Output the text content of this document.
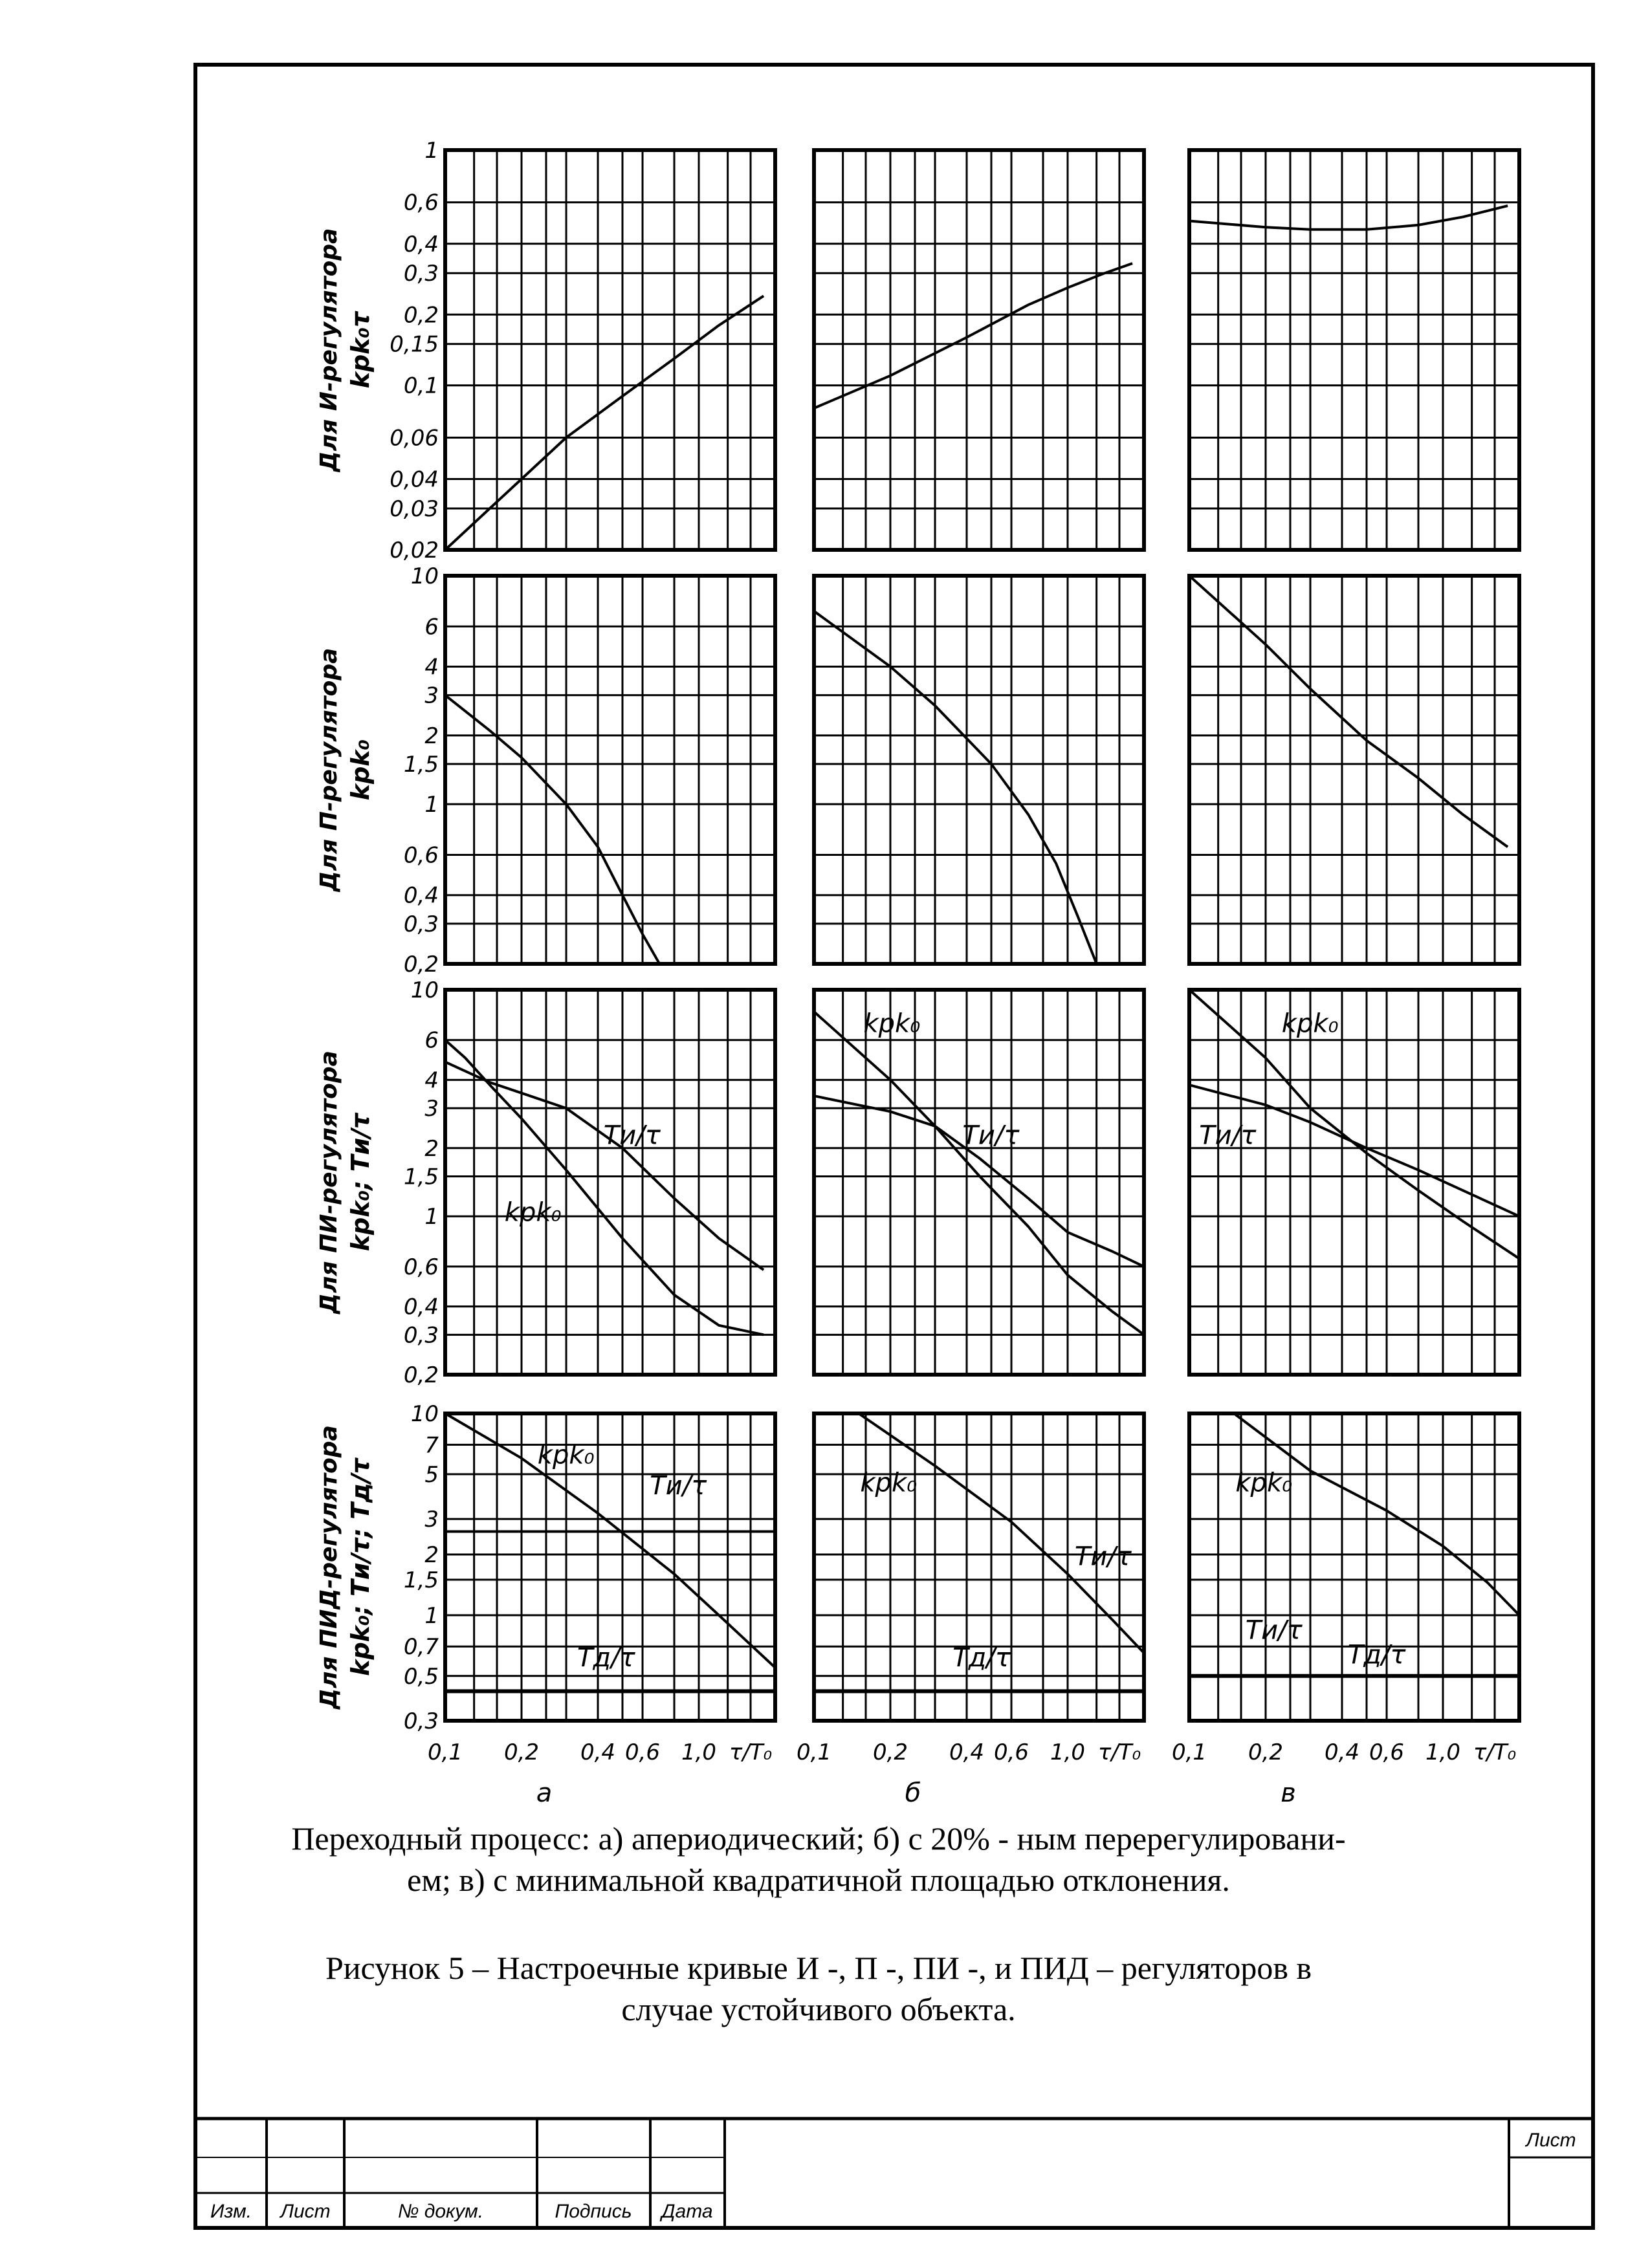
Для И-регулятора kрk₀τ
1
0,6
0,4
0,3
0,2
0,15
0,1
0,06
0,04
0,03
0,02
Для П-регулятора kрk₀
10
6
4
3
2
1,5
1
0,6
0,4
0,3
0,2
Для ПИ-регулятора kрk₀; Tи/τ
10
6
4
3
2
1,5
1
0,6
0,4
0,3
0,2
kрk₀
Tи/τ
kрk₀
Tи/τ
kрk₀
Tи/τ
Для ПИД-регулятора kрk₀; Tи/τ; Tд/τ
10
7
5
3
2
1,5
1
0,7
0,5
0,3
kрk₀
Tи/τ
Tд/τ
0,1 0,2 0,4 0,6 1,0 τ/T₀
а
kрk₀
Tи/τ
Tд/τ
0,1 0,2 0,4 0,6 1,0 τ/T₀
б
kрk₀
Tи/τ
Tд/τ
0,1 0,2 0,4 0,6 1,0 τ/T₀
в
Изм. Лист	№ докум.	Подпись Дата
Лист
Переходный процесс: а) апериодический; б) с 20% - ным перерегулировани-
ем; в) с минимальной квадратичной площадью отклонения.
Рисунок 5 – Настроечные кривые И -, П -, ПИ -, и ПИД – регуляторов в
случае устойчивого объекта.
